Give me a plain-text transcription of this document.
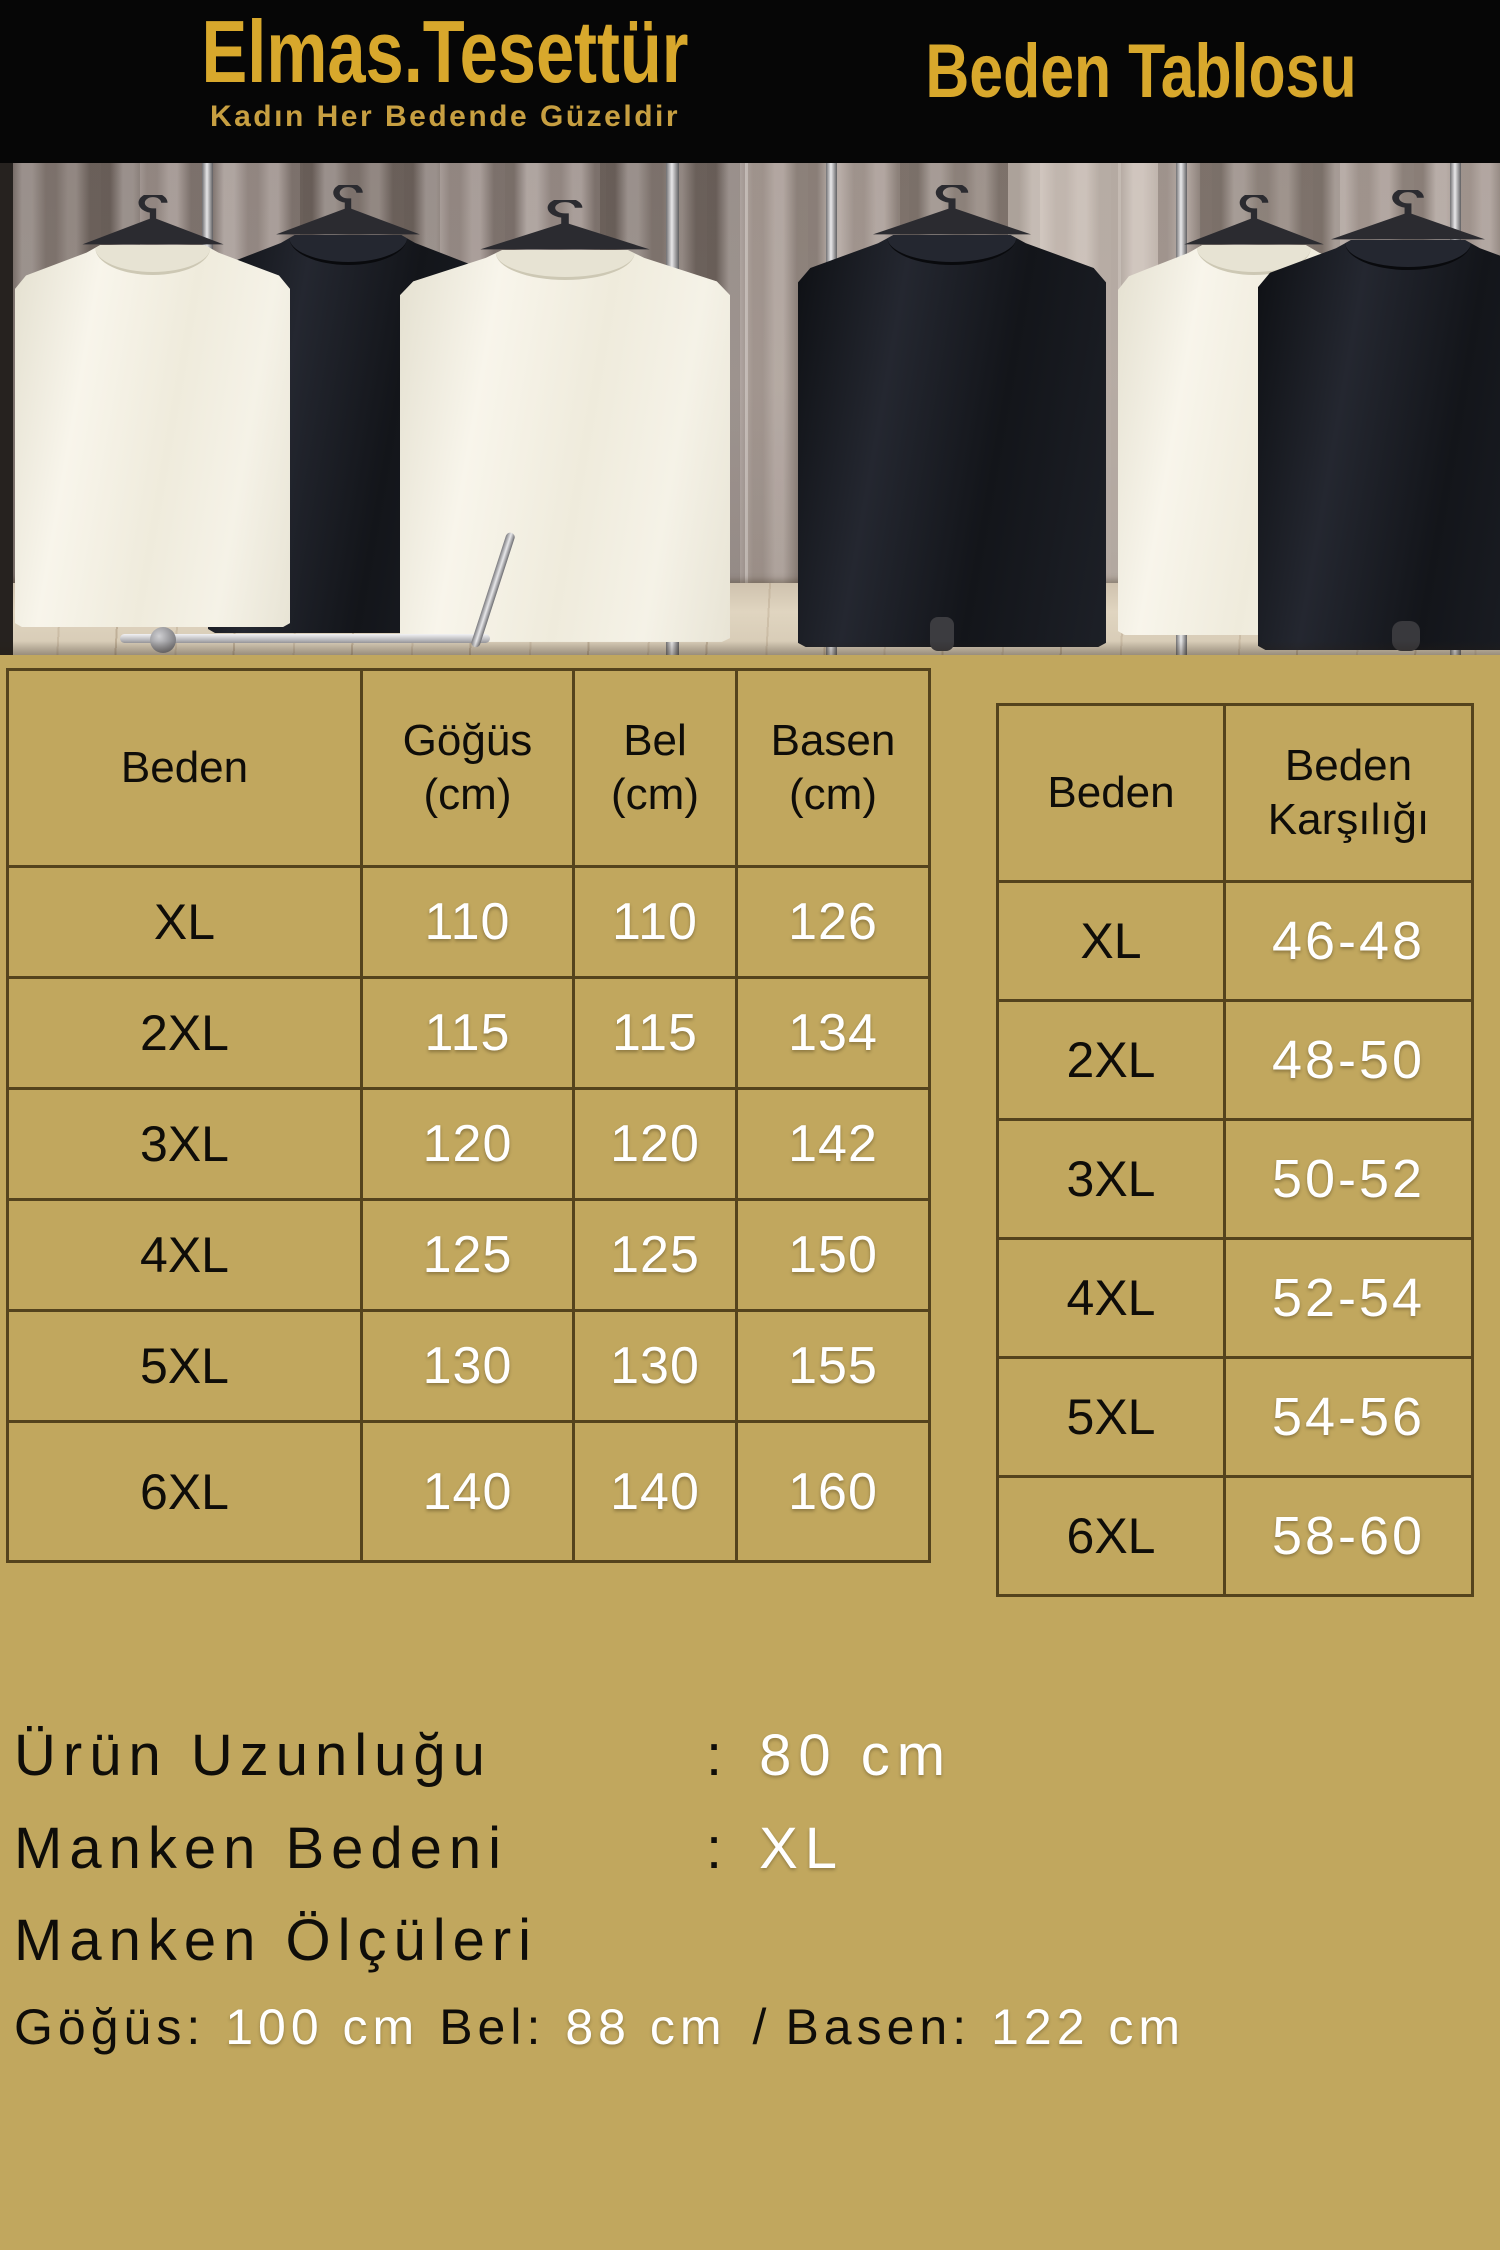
Elmas.Tesettür
Kadın Her Bedende Güzeldir
Beden Tablosu
Beden	Göğüs (cm)	Bel (cm)	Basen (cm)
XL	110	110	126
2XL	115	115	134
3XL	120	120	142
4XL	125	125	150
5XL	130	130	155
6XL	140	140	160
Beden	Beden Karşılığı
XL	46-48
2XL	48-50
3XL	50-52
4XL	52-54
5XL	54-56
6XL	58-60
Ürün Uzunluğu	: 80 cm
Manken Bedeni	: XL
Manken Ölçüleri
Göğüs: 100 cm Bel: 88 cm / Basen: 122 cm
